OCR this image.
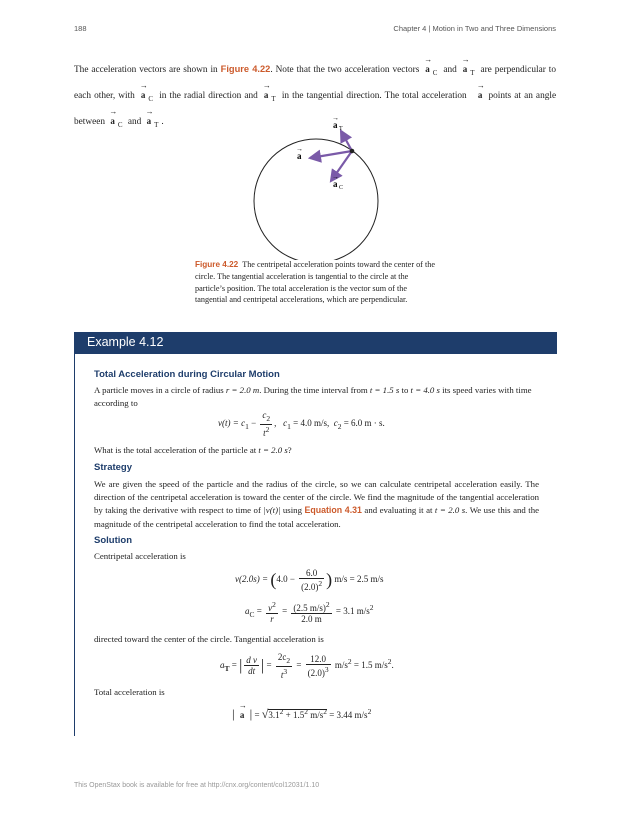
188	Chapter 4 | Motion in Two and Three Dimensions
The acceleration vectors are shown in Figure 4.22. Note that the two acceleration vectors → a $_C$ and → a $_T$ are perpendicular to each other, with → a $_C$ in the radial direction and → a $_T$ in the tangential direction. The total acceleration → a points at an angle between → a $_C$ and → a $_T$ .
a
a T
a C
→
→
→
Figure 4.22 The centripetal acceleration points toward the center of the circle. The tangential acceleration is tangential to the circle at the particle’s position. The total acceleration is the vector sum of the tangential and centripetal accelerations, which are perpendicular.
Example 4.12
Total Acceleration during Circular Motion
A particle moves in a circle of radius r = 2.0 m. During the time interval from t = 1.5 s to t = 4.0 s its speed varies with time according to
$v(t) = c_1 - \frac{c_2}{t^2}$ ,   $c_1 = 4.0$ m/s, $c_2 = 6.0$ m · s.
What is the total acceleration of the particle at t = 2.0 s?
Strategy
We are given the speed of the particle and the radius of the circle, so we can calculate centripetal acceleration easily. The direction of the centripetal acceleration is toward the center of the circle. We find the magnitude of the tangential acceleration by taking the derivative with respect to time of |v(t)| using Equation 4.31 and evaluating it at t = 2.0 s. We use this and the magnitude of the centripetal acceleration to find the total acceleration.
Solution
Centripetal acceleration is
$v(2.0s) = (4.0 - \frac{6.0}{(2.0)^2}$ ) m/s = 2.5 m/s
$a_C = \frac{v^2}{r} = \frac{(2.5 m/s)^2}{2.0 m} = 3.1$ $m/s^2$
directed toward the center of the circle. Tangential acceleration is
$a_T$ = | $\frac{\text{d v}}{dt}$ | = $\frac{2c_2}{t^3} = \frac{12.0}{(2.0)^3} m/s^2 = 1.5$ $m/s^2$.
Total acceleration is
| → a | = $√3.1^2 + 1.5^2$ $m/s^2 = 3.44$ $m/s^2$
This OpenStax book is available for free at http://cnx.org/content/col12031/1.10
